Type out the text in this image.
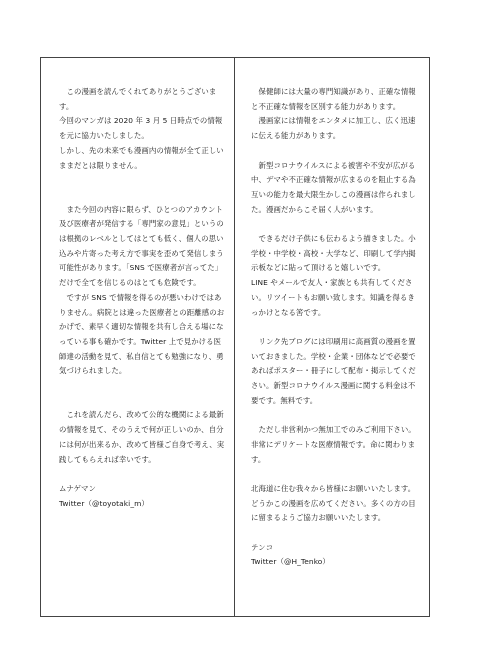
　この漫画を読んでくれてありがとうございます。
今回のマンガは 2020 年 3 月 5 日時点での情報を元に協力いたしました。
しかし、先の未来でも漫画内の情報が全て正しいままだとは限りません。

　また今回の内容に限らず、ひとつのアカウント及び医療者が発信する「専門家の意見」というのは根拠のレベルとしてはとても低く、個人の思い込みや片寄った考え方で事実を歪めて発信しまう可能性があります。「SNS で医療者が言ってた」だけで全てを信じるのはとても危険です。
　ですが SNS で情報を得るのが悪いわけではありません。病院とは違った医療者との距離感のおかげで、素早く適切な情報を共有し合える場になっている事も確かです。Twitter 上で見かける医師達の活動を見て、私自信とても勉強になり、勇気づけられました。

　これを読んだら、改めて公的な機関による最新の情報を見て、そのうえで何が正しいのか、自分には何が出来るか、改めて皆様ご自身で考え、実践してもらえれば幸いです。

ムナゲマン

Twitter（@toyotaki_m）

　保健師には大量の専門知識があり、正確な情報と不正確な情報を区別する能力があります。
　漫画家には情報をエンタメに加工し、広く迅速に伝える能力があります。

　新型コロナウイルスによる被害や不安が広がる中、デマや不正確な情報が広まるのを阻止する為互いの能力を最大限生かしこの漫画は作られました。漫画だからこそ届く人がいます。

　できるだけ子供にも伝わるよう描きました。小学校・中学校・高校・大学など、印刷して学内掲示板などに貼って頂けると嬉しいです。
LINE やメールで友人・家族とも共有してください。リツイートもお願い致します。知識を得るきっかけとなる筈です。

　リンク先ブログには印刷用に高画質の漫画を置いておきました。学校・企業・団体などで必要であればポスター・冊子にして配布・掲示してください。新型コロナウイルス漫画に関する料金は不要です。無料です。

　ただし非営利かつ無加工でのみご利用下さい。非常にデリケートな医療情報です。命に関わります。

北海道に住む我々から皆様にお願いいたします。どうかこの漫画を広めてください。多くの方の目に留まるようご協力お願いいたします。

テンコ

Twitter（@H_Tenko）
